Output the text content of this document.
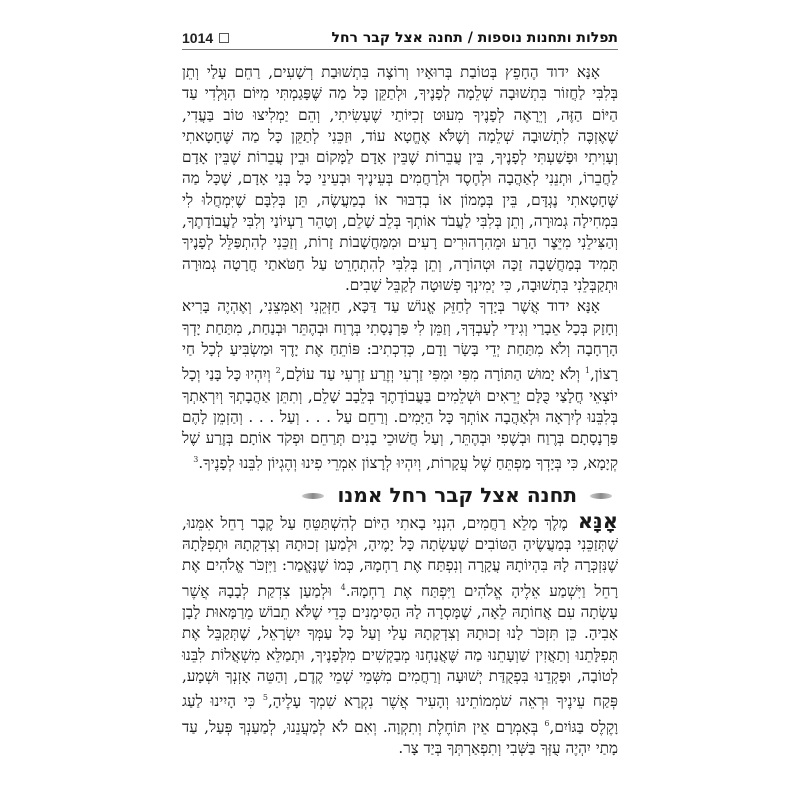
תפלות ותחנות נוספות / תחנה אצל קבר רחל
1014

אָנָּא ידוד הֶחָפֵץ בְּטוֹבַת בְּרוּאָיו וְרוֹצֶה בִּתְשׁוּבַת רְשָׁעִים, רַחֵם עָלַי וְתֵן בְּלִבִּי לַחֲזוֹר בִּתְשׁוּבָה שְׁלֵמָה לְפָנֶיךָ, וּלְתַקֵּן כָּל מַה שֶּׁפָּגַמְתִּי מִיּוֹם הִוָּלְדִי עַד הַיּוֹם הַזֶּה, וְיֵרָאֶה לְפָנֶיךָ מִעוּט זְכִיּוֹתַי שֶׁעָשִׂיתִי, וְהֵם יַמְלִיצוּ טוֹב בַּעֲדִי, שֶׁאֶזְכֶּה לִתְשׁוּבָה שְׁלֵמָה וְשֶׁלֹּא אֶחֱטָא עוֹד, וּזַכֵּנִי לְתַקֵּן כָּל מַה שֶּׁחָטָאתִי וְעָוִיתִי וּפָשַׁעְתִּי לְפָנֶיךָ, בֵּין עֲבֵרוֹת שֶׁבֵּין אָדָם לַמָּקוֹם וּבֵין עֲבֵרוֹת שֶׁבֵּין אָדָם לַחֲבֵרוֹ, וּתְנֵנִי לְאַהֲבָה וּלְחֶסֶד וּלְרַחֲמִים בְּעֵינֶיךָ וּבְעֵינֵי כָּל בְּנֵי אָדָם, שֶׁכָּל מַה שֶּׁחָטָאתִי נֶגְדָּם, בֵּין בְּמָמוֹן אוֹ בְדִבּוּר אוֹ בְמַעֲשֶׂה, תֵּן בְּלִבָּם שֶׁיִּמְחֲלוּ לִי בִּמְחִילָה גְמוּרָה, וְתֵן בְּלִבִּי לַעֲבֹד אוֹתְךָ בְּלֵב שָׁלֵם, וְטַהֵר רַעְיוֹנַי וְלִבִּי לַעֲבוֹדָתֶךָ, וְהַצִּילֵנִי מִיֵּצֶר הָרַע וּמֵהִרְהוּרִים רָעִים וּמִמַּחֲשָׁבוֹת זָרוֹת, וְזַכֵּנִי לְהִתְפַּלֵּל לְפָנֶיךָ תָּמִיד בְּמַחֲשָׁבָה זַכָּה וּטְהוֹרָה, וְתֵן בְּלִבִּי לְהִתְחָרֵט עַל חַטֹּאתַי חֲרָטָה גְמוּרָה וּתְקַבְּלֵנִי בִּתְשׁוּבָה, כִּי יְמִינְךָ פְשׁוּטָה לְקַבֵּל שָׁבִים.

אָנָּא ידוד אֲשֶׁר בְּיָדְךָ לְחַזֵּק אֱנוֹשׁ עַד דַּכָּא, חַזְּקֵנִי וְאַמְּצֵנִי, וְאֶהְיֶה בָּרִיא וְחָזָק בְּכָל אֵבָרַי וְגִידַי לְעָבְדְּךָ, וְזַמֵּן לִי פַּרְנָסָתִי בְּרֶוַח וּבְהֶתֵּר וּבְנַחַת, מִתַּחַת יָדְךָ הָרְחָבָה וְלֹא מִתַּחַת יְדֵי בָּשָׂר וָדָם, כְּדִכְתִיב: פּוֹתֵחַ אֶת יָדֶךָ וּמַשְׂבִּיעַ לְכָל חַי רָצוֹן,$^1$ וְלֹא יָמוּשׁ הַתּוֹרָה מִפִּי וּמִפִּי זַרְעִי וְזֶרַע זַרְעִי עַד עוֹלָם,$^2$ וְיִהְיוּ כָּל בָּנַי וְכָל יוֹצְאֵי חֲלָצַי כֻּלָּם יְרֵאִים וּשְׁלֵמִים בַּעֲבוֹדָתֶךָ בְּלֵבָב שָׁלֵם, וְתִתֵּן אַהֲבָתְךָ וְיִרְאָתְךָ בְּלִבֵּנוּ לְיִרְאָה וּלְאַהֲבָה אוֹתְךָ כָּל הַיָּמִים. וְרַחֵם עַל . . . וְעַל . . . וְהַזְמֵן לָהֶם פַּרְנָסָתָם בְּרֶוַח וּבְשֶׁפִי וּבְהֶתֵּר, וְעַל חֲשׁוּכֵי בָנִים תְּרַחֵם וּפְקֹד אוֹתָם בְּזֶרַע שֶׁל קְיָמָא, כִּי בְּיָדְךָ מַפְתֵּחַ שֶׁל עֲקָרוֹת, וְיִהְיוּ לְרָצוֹן אִמְרֵי פִינוּ וְהֶגְיוֹן לִבֵּנוּ לְפָנֶיךָ.$^3$

תחנה אצל קבר רחל אמנו

אָנָּאמֶלֶךְ מָלֵא רַחֲמִים, הִנְנִי בָאתִי הַיּוֹם לְהִשְׁתַּטֵּחַ עַל קֶבֶר רָחֵל אִמֵּנוּ, שֶׁתְּזַכֵּנִי בְּמַעֲשֶׂיהָ הַטּוֹבִים שֶׁעָשְׂתָה כָּל יָמֶיהָ, וּלְמַעַן זְכוּתָהּ וְצִדְקָתָהּ וּתְפִלָּתָהּ שֶׁנִּזְכְּרָה לָהּ בִּהְיוֹתָהּ עֲקָרָה וְנִפְתַּח אֶת רַחְמָהּ, כְּמוֹ שֶׁנֶּאֱמַר: וַיִּזְכֹּר אֱלֹהִים אֶת רָחֵל וַיִּשְׁמַע אֵלֶיהָ אֱלֹהִים וַיִּפְתַּח אֶת רַחְמָהּ.$^4$ וּלְמַעַן צִדְקַת לְבָבָהּ אֲשֶׁר עָשְׂתָה עִם אֲחוֹתָהּ לֵאָה, שֶׁמָּסְרָה לָהּ הַסִּימָנִים כְּדֵי שֶׁלֹּא תֵבוֹשׁ מֵרַמָּאוּת לָבָן אָבִיהָ. כֵּן תִּזְכֹּר לָנוּ זְכוּתָהּ וְצִדְקָתָהּ עָלַי וְעַל כָּל עַמְּךָ יִשְׂרָאֵל, שֶׁתְּקַבֵּל אֶת תְּפִלָּתֵנוּ וְתַאֲזִין שַׁוְעָתֵנוּ מַה שֶּׁאֲנַחְנוּ מְבַקְשִׁים מִלְּפָנֶיךָ, וּתְמַלֵּא מִשְׁאֲלוֹת לִבֵּנוּ לְטוֹבָה, וּפָקְדֵנוּ בִּפְקֻדַּת יְשׁוּעָה וְרַחֲמִים מִשְּׁמֵי שְׁמֵי קֶדֶם, וְהַטֵּה אָזְנְךָ וּשְׁמָע, פְּקַח עֵינֶיךָ וּרְאֵה שֹׁמְמוֹתֵינוּ וְהָעִיר אֲשֶׁר נִקְרָא שִׁמְךָ עָלֶיהָ,$^5$ כִּי הָיִינוּ לַעַג וָקֶלֶס בַּגּוֹיִם,$^6$ בְּאָמְרָם אֵין תּוֹחֶלֶת וְתִקְוָה. וְאִם לֹא לְמַעֲנֵנוּ, לְמַעַנְךָ פְּעַל, עַד מָתַי יִהְיֶה עֻזְּךָ בַּשְּׁבִי וְתִפְאַרְתְּךָ בְּיַד צָר.
